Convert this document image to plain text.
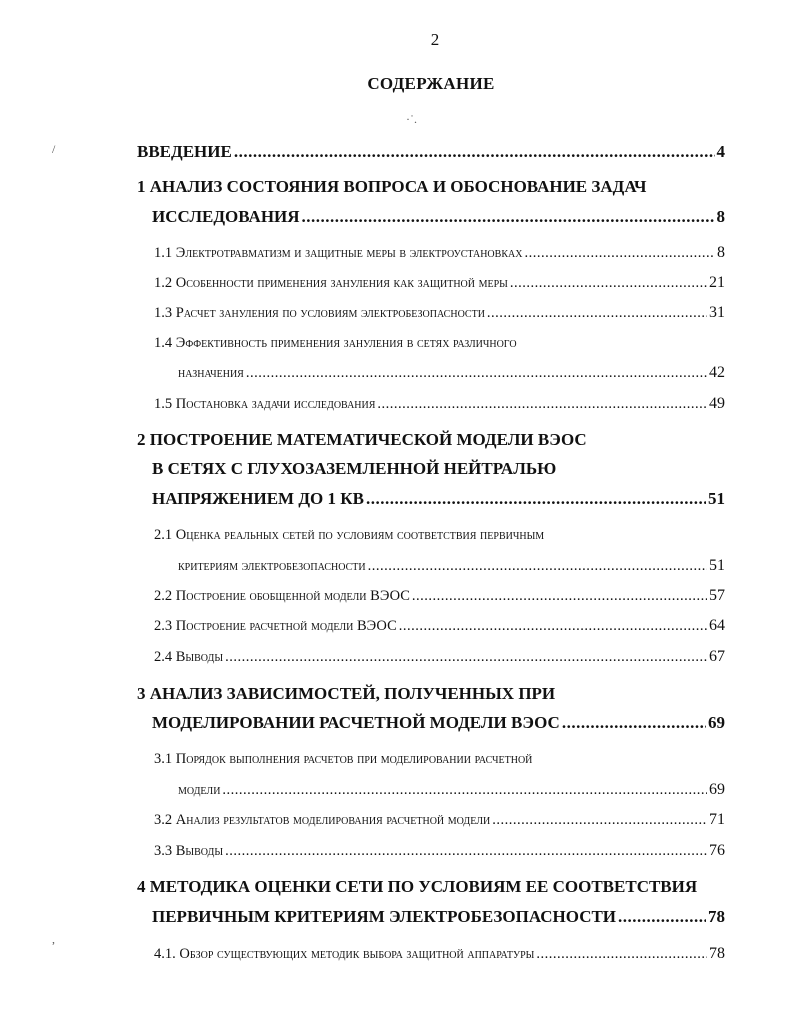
2
СОДЕРЖАНИЕ
ВВЕДЕНИЕ .....	4
1 АНАЛИЗ СОСТОЯНИЯ ВОПРОСА И ОБОСНОВАНИЕ ЗАДАЧ
ИССЛЕДОВАНИЯ .....	8
1.1 Электротравматизм и защитные меры в электроустановках .....	8
1.2 Особенности применения зануления как защитной меры .....	21
1.3 Расчет зануления по условиям электробезопасности .....	31
1.4 Эффективность применения зануления в сетях различного
назначения .....	42
1.5 Постановка задачи исследования .....	49
2 ПОСТРОЕНИЕ МАТЕМАТИЧЕСКОЙ МОДЕЛИ ВЭОС
В СЕТЯХ С ГЛУХОЗАЗЕМЛЕННОЙ НЕЙТРАЛЬЮ
НАПРЯЖЕНИЕМ ДО 1 КВ .....	51
2.1 Оценка реальных сетей по условиям соответствия первичным
критериям электробезопасности .....	51
2.2 Построение обобщенной модели ВЭОС .....	57
2.3 Построение расчетной модели ВЭОС .....	64
2.4 Выводы .....	67
3 АНАЛИЗ ЗАВИСИМОСТЕЙ, ПОЛУЧЕННЫХ ПРИ
МОДЕЛИРОВАНИИ РАСЧЕТНОЙ МОДЕЛИ ВЭОС .....	69
3.1 Порядок выполнения расчетов при моделировании расчетной
модели .....	69
3.2 Анализ результатов моделирования расчетной модели .....	71
3.3 Выводы .....	76
4 МЕТОДИКА ОЦЕНКИ СЕТИ ПО УСЛОВИЯМ ЕЕ СООТВЕТСТВИЯ
ПЕРВИЧНЫМ КРИТЕРИЯМ ЭЛЕКТРОБЕЗОПАСНОСТИ .....	78
4.1. Обзор существующих методик выбора защитной аппаратуры .....	78
/
·˙.
,
